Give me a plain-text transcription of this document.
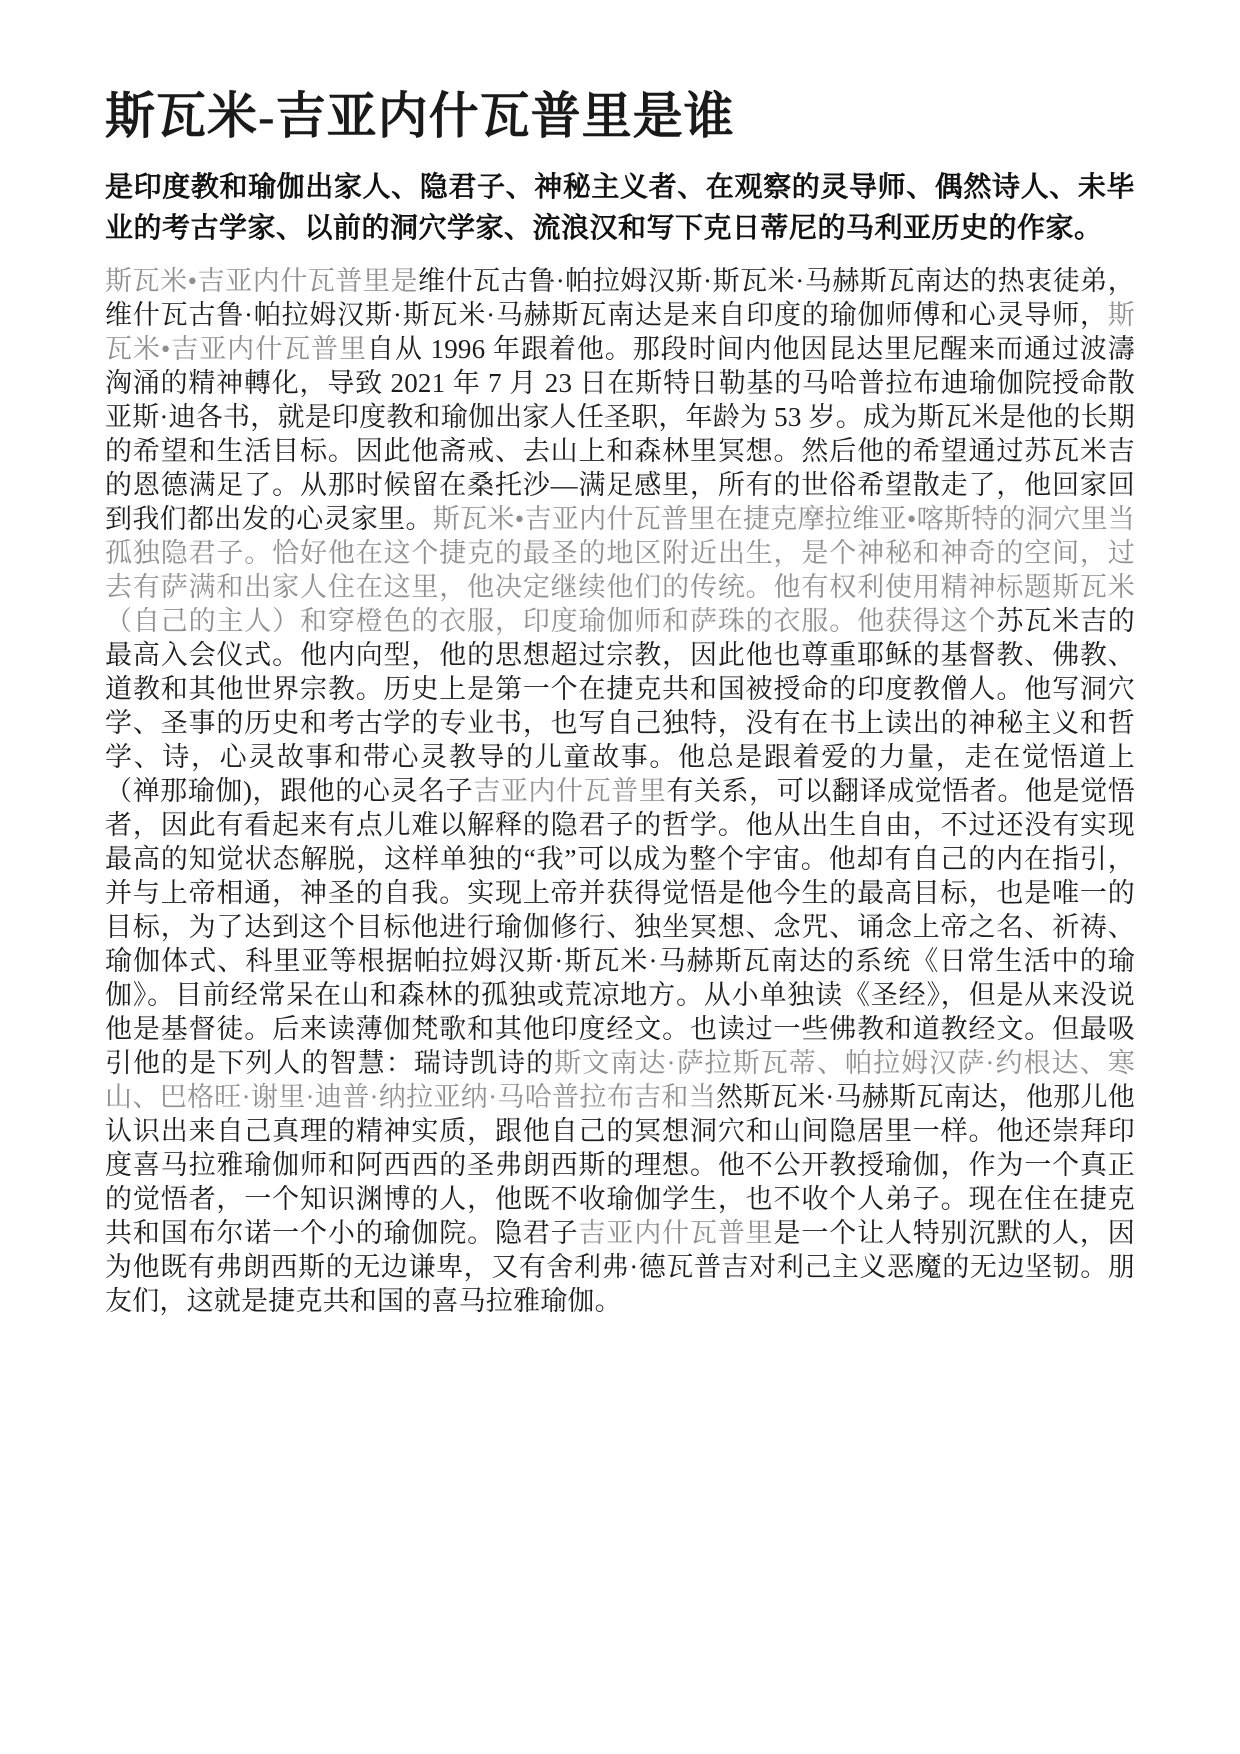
斯瓦米-吉亚内什瓦普里是谁

是印度教和瑜伽出家人、隐君子、神秘主义者、在观察的灵导师、偶然诗人、未毕业的考古学家、以前的洞穴学家、流浪汉和写下克日蒂尼的马利亚历史的作家。

斯瓦米•吉亚内什瓦普里是维什瓦古鲁·帕拉姆汉斯·斯瓦米·马赫斯瓦南达的热衷徒弟，维什瓦古鲁·帕拉姆汉斯·斯瓦米·马赫斯瓦南达是来自印度的瑜伽师傅和心灵导师，斯瓦米•吉亚内什瓦普里自从 1996 年跟着他。那段时间内他因昆达里尼醒来而通过波濤洶涌的精神轉化，导致 2021 年 7 月 23 日在斯特日勒基的马哈普拉布迪瑜伽院授命散亚斯·迪各书，就是印度教和瑜伽出家人任圣职，年龄为 53 岁。成为斯瓦米是他的长期的希望和生活目标。因此他斋戒、去山上和森林里冥想。然后他的希望通过苏瓦米吉的恩德满足了。从那时候留在桑托沙—满足感里，所有的世俗希望散走了，他回家回到我们都出发的心灵家里。斯瓦米•吉亚内什瓦普里在捷克摩拉维亚•喀斯特的洞穴里当孤独隐君子。恰好他在这个捷克的最圣的地区附近出生，是个神秘和神奇的空间，过去有萨满和出家人住在这里，他决定继续他们的传统。他有权利使用精神标题斯瓦米（自己的主人）和穿橙色的衣服，印度瑜伽师和萨珠的衣服。他获得这个苏瓦米吉的最高入会仪式。他内向型，他的思想超过宗教，因此他也尊重耶稣的基督教、佛教、道教和其他世界宗教。历史上是第一个在捷克共和国被授命的印度教僧人。他写洞穴学、圣事的历史和考古学的专业书，也写自己独特，没有在书上读出的神秘主义和哲学、诗，心灵故事和带心灵教导的儿童故事。他总是跟着爱的力量，走在觉悟道上（禅那瑜伽)，跟他的心灵名子吉亚内什瓦普里有关系，可以翻译成觉悟者。他是觉悟者，因此有看起来有点儿难以解释的隐君子的哲学。他从出生自由，不过还没有实现最高的知觉状态解脱，这样单独的“我”可以成为整个宇宙。他却有自己的内在指引，并与上帝相通，神圣的自我。实现上帝并获得觉悟是他今生的最高目标，也是唯一的目标，为了达到这个目标他进行瑜伽修行、独坐冥想、念咒、诵念上帝之名、祈祷、瑜伽体式、科里亚等根据帕拉姆汉斯·斯瓦米·马赫斯瓦南达的系统《日常生活中的瑜伽》。目前经常呆在山和森林的孤独或荒凉地方。从小单独读《圣经》，但是从来没说他是基督徒。后来读薄伽梵歌和其他印度经文。也读过一些佛教和道教经文。但最吸引他的是下列人的智慧：瑞诗凯诗的斯文南达·萨拉斯瓦蒂、帕拉姆汉萨·约根达、寒山、巴格旺·谢里·迪普·纳拉亚纳·马哈普拉布吉和当然斯瓦米·马赫斯瓦南达，他那儿他认识出来自己真理的精神实质，跟他自己的冥想洞穴和山间隐居里一样。他还崇拜印度喜马拉雅瑜伽师和阿西西的圣弗朗西斯的理想。他不公开教授瑜伽，作为一个真正的觉悟者，一个知识渊博的人，他既不收瑜伽学生，也不收个人弟子。现在住在捷克共和国布尔诺一个小的瑜伽院。隐君子吉亚内什瓦普里是一个让人特别沉默的人，因为他既有弗朗西斯的无边谦卑，又有舍利弗·德瓦普吉对利己主义恶魔的无边坚韧。朋友们，这就是捷克共和国的喜马拉雅瑜伽。
